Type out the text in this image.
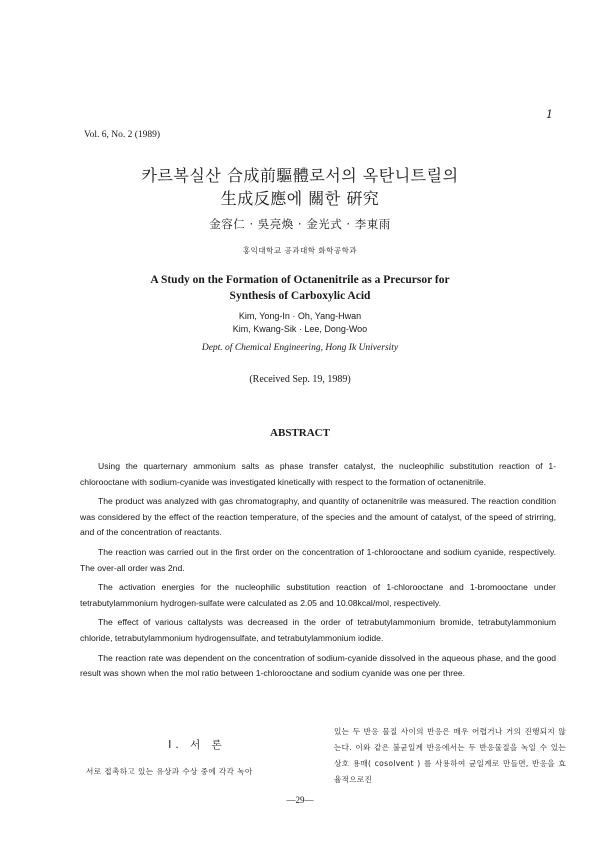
1
Vol. 6, No. 2 (1989)
카르복실산 合成前驅體로서의 옥탄니트릴의
生成反應에 關한 硏究
金容仁 · 吳亮煥 · 金光式 · 李東雨
홍익대학교 공과대학 화학공학과
A Study on the Formation of Octanenitrile as a Precursor for
Synthesis of Carboxylic Acid
Kim, Yong-In · Oh, Yang-Hwan
Kim, Kwang-Sik · Lee, Dong-Woo
Dept. of Chemical Engineering, Hong Ik University
(Received Sep. 19, 1989)
ABSTRACT

Using the quarternary ammonium salts as phase transfer catalyst, the nucleophilic substitution reaction of 1-chlorooctane with sodium-cyanide was investigated kinetically with respect to the formation of octanenitrile.

The product was analyzed with gas chromatography, and quantity of octanenitrile was measured. The reaction condition was considered by the effect of the reaction temperature, of the species and the amount of catalyst, of the speed of strirring, and of the concentration of reactants.

The reaction was carried out in the first order on the concentration of 1-chlorooctane and sodium cyanide, respectively. The over-all order was 2nd.

The activation energies for the nucleophilic substitution reaction of 1-chlorooctane and 1-bromooctane under tetrabutylammonium hydrogen-sulfate were calculated as 2.05 and 10.08kcal/mol, respectively.

The effect of various caltalysts was decreased in the order of tetrabutylammonium bromide, tetrabutylammonium chloride, tetrabutylammonium hydrogensulfate, and tetrabutylammonium iodide.

The reaction rate was dependent on the concentration of sodium-cyanide dissolved in the aqueous phase, and the good result was shown when the mol ratio between 1-chlorooctane and sodium cyanide was one per three.

I. 서 론
서로 접촉하고 있는 유상과 수상 중에 각각 녹아

있는 두 반응 물질 사이의 반응은 매우 어렵거나 거의 진행되지 않는다. 이와 같은 불균일계 반응에서는 두 반응물질을 녹일 수 있는 상호 용매( cosolvent ) 를 사용하여 균일계로 만들면, 반응을 효율적으로진

—29—
